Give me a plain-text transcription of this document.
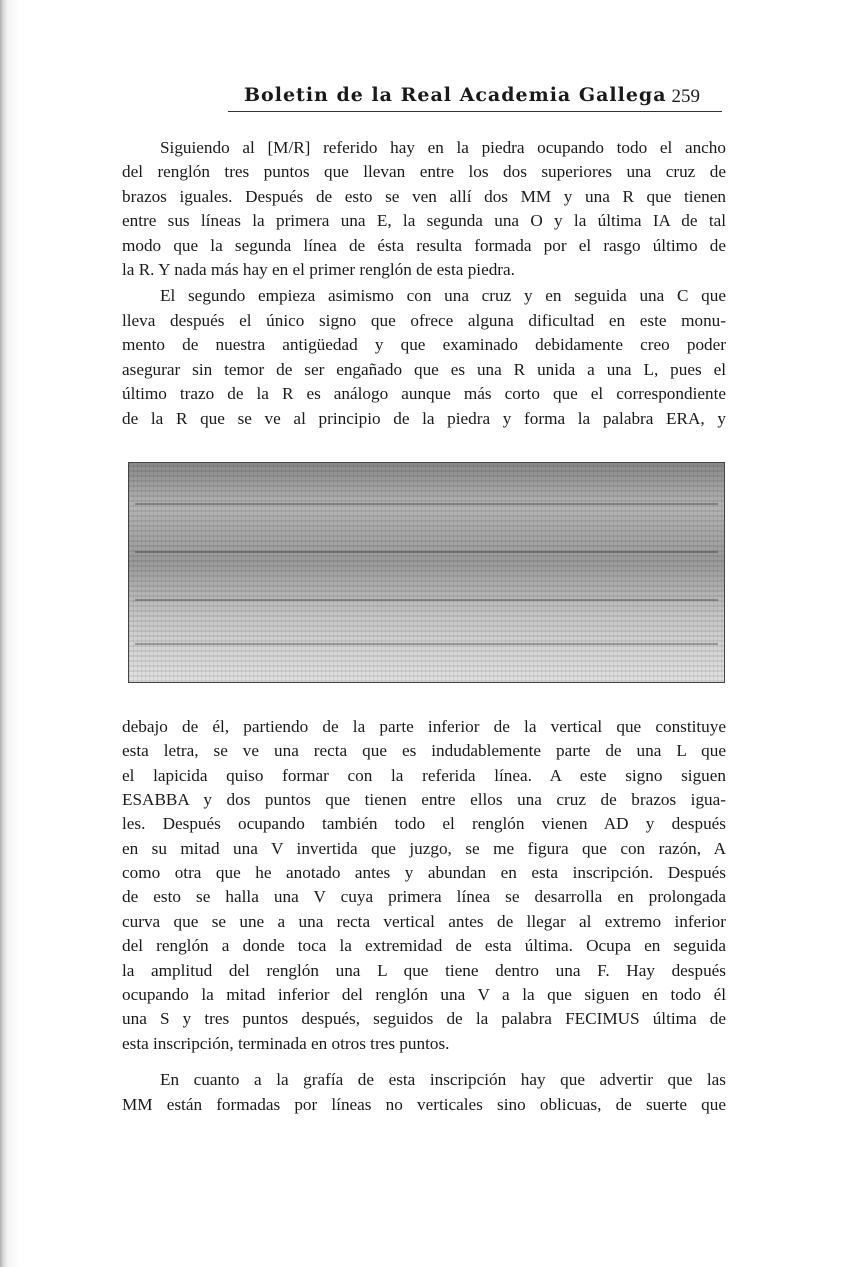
Boletin de la Real Academia Gallega 259
Siguiendo al [M/R] referido hay en la piedra ocupando todo el ancho
del renglón tres puntos que llevan entre los dos superiores una cruz de
brazos iguales. Después de esto se ven allí dos MM y una R que tienen
entre sus líneas la primera una E, la segunda una O y la última IA de tal
modo que la segunda línea de ésta resulta formada por el rasgo último de
la R. Y nada más hay en el primer renglón de esta piedra.
El segundo empieza asimismo con una cruz y en seguida una C que
lleva después el único signo que ofrece alguna dificultad en este monu-
mento de nuestra antigüedad y que examinado debidamente creo poder
asegurar sin temor de ser engañado que es una R unida a una L, pues el
último trazo de la R es análogo aunque más corto que el correspondiente
de la R que se ve al principio de la piedra y forma la palabra ERA, y
debajo de él, partiendo de la parte inferior de la vertical que constituye
esta letra, se ve una recta que es indudablemente parte de una L que
el lapicida quiso formar con la referida línea. A este signo siguen
ESABBA y dos puntos que tienen entre ellos una cruz de brazos igua-
les. Después ocupando también todo el renglón vienen AD y después
en su mitad una V invertida que juzgo, se me figura que con razón, A
como otra que he anotado antes y abundan en esta inscripción. Después
de esto se halla una V cuya primera línea se desarrolla en prolongada
curva que se une a una recta vertical antes de llegar al extremo inferior
del renglón a donde toca la extremidad de esta última. Ocupa en seguida
la amplitud del renglón una L que tiene dentro una F. Hay después
ocupando la mitad inferior del renglón una V a la que siguen en todo él
una S y tres puntos después, seguidos de la palabra FECIMUS última de
esta inscripción, terminada en otros tres puntos.
En cuanto a la grafía de esta inscripción hay que advertir que las
MM están formadas por líneas no verticales sino oblicuas, de suerte que
